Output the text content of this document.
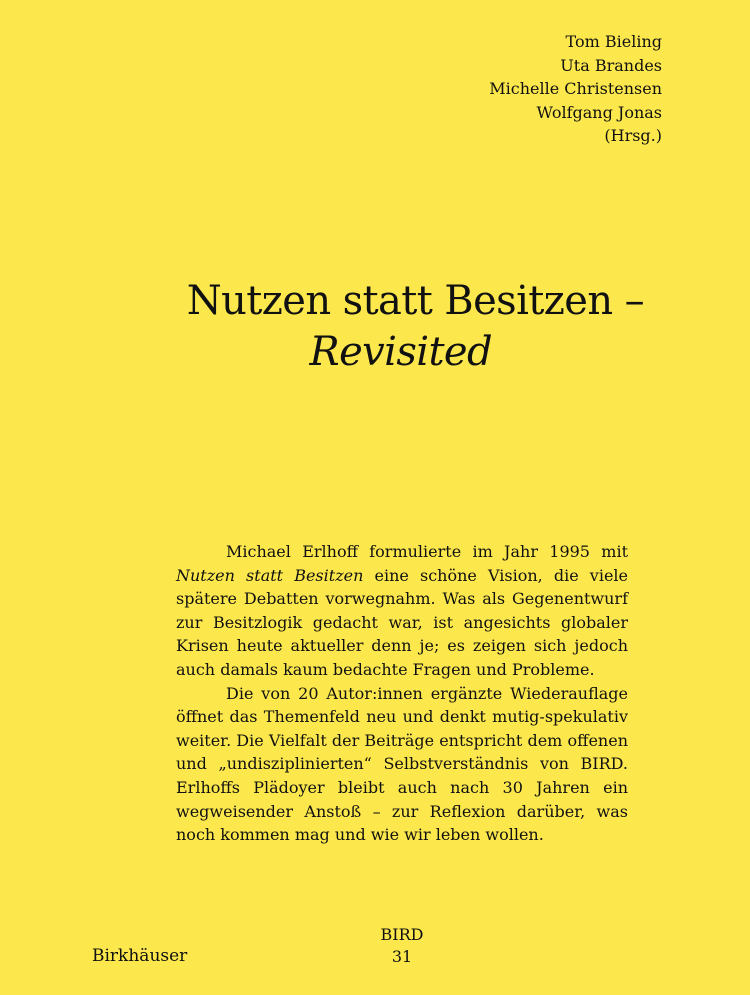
Tom Bieling
Uta Brandes
Michelle Christensen
Wolfgang Jonas
(Hrsg.)
Nutzen statt Besitzen –
Revisited

Michael Erlhoff formulierte im Jahr 1995 mit Nutzen statt Besitzen eine schöne Vision, die viele spätere Debatten vorwegnahm. Was als Gegenentwurf zur Besitzlogik gedacht war, ist angesichts globaler Krisen heute aktueller denn je; es zeigen sich jedoch auch damals kaum bedachte Fragen und Probleme.

Die von 20 Autor:innen ergänzte Wiederauflage öffnet das Themenfeld neu und denkt mutig-spekulativ weiter. Die Vielfalt der Beiträge entspricht dem offenen und „undisziplinierten“ Selbstverständnis von BIRD. Erlhoffs Plädoyer bleibt auch nach 30 Jahren ein wegweisender Anstoß – zur Reflexion darüber, was noch kommen mag und wie wir leben wollen.

Birkhäuser
BIRD
31
